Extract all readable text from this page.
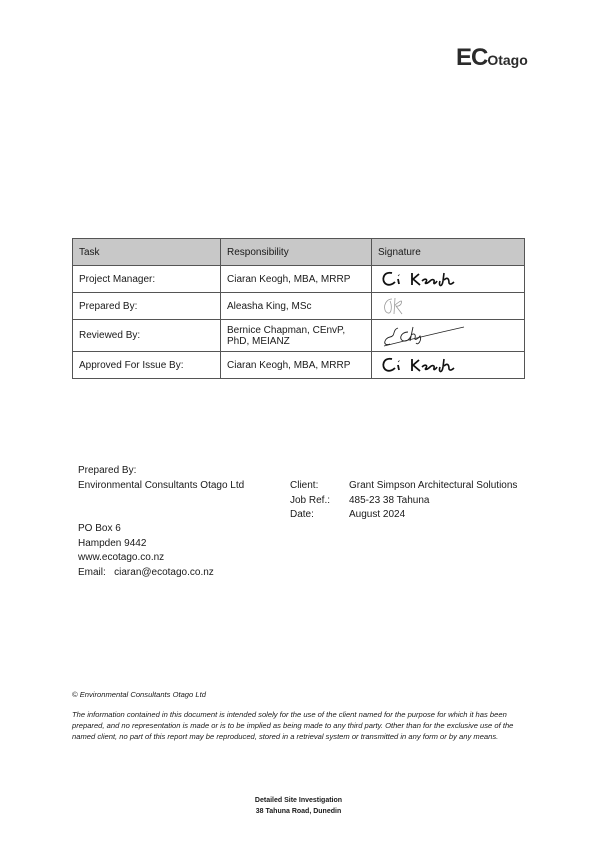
ECOtago
Task	Responsibility	Signature
Project Manager:	Ciaran Keogh, MBA, MRRP	

Prepared By:	Aleasha King, MSc	

Reviewed By:	Bernice Chapman, CEnvP, PhD, MEIANZ	

Approved For Issue By:	Ciaran Keogh, MBA, MRRP	
Prepared By:
Environmental Consultants Otago Ltd	Client:	Grant Simpson Architectural Solutions
Job Ref.:	485-23 38 Tahuna
Date:	August 2024
PO Box 6
Hampden 9442
www.ecotago.co.nz
Email: ciaran@ecotago.co.nz
© Environmental Consultants Otago Ltd
The information contained in this document is intended solely for the use of the client named for the purpose for which it has been prepared, and no representation is made or is to be implied as being made to any third party. Other than for the exclusive use of the named client, no part of this report may be reproduced, stored in a retrieval system or transmitted in any form or by any means.
Detailed Site Investigation
38 Tahuna Road, Dunedin
